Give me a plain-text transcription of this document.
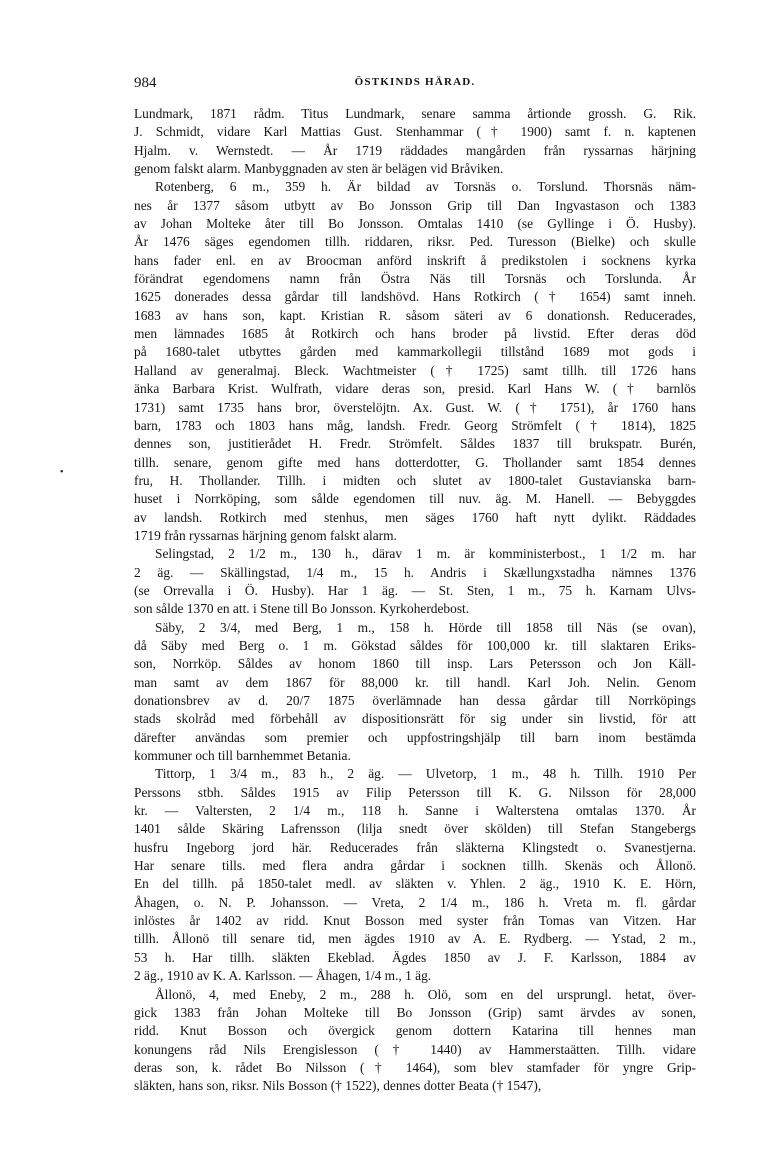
984	ÖSTKINDS HÄRAD.
•
Lundmark, 1871 rådm. Titus Lundmark, senare samma årtionde grossh. G. Rik.
J. Schmidt, vidare Karl Mattias Gust. Stenhammar († 1900) samt f. n. kaptenen
Hjalm. v. Wernstedt. — År 1719 räddades mangården från ryssarnas härjning
genom falskt alarm. Manbyggnaden av sten är belägen vid Bråviken.
Rotenberg, 6 m., 359 h. Är bildad av Torsnäs o. Torslund. Thorsnäs näm-
nes år 1377 såsom utbytt av Bo Jonsson Grip till Dan Ingvastason och 1383
av Johan Molteke åter till Bo Jonsson. Omtalas 1410 (se Gyllinge i Ö. Husby).
År 1476 säges egendomen tillh. riddaren, riksr. Ped. Turesson (Bielke) och skulle
hans fader enl. en av Broocman anförd inskrift å predikstolen i socknens kyrka
förändrat egendomens namn från Östra Näs till Torsnäs och Torslunda. År
1625 donerades dessa gårdar till landshövd. Hans Rotkirch († 1654) samt inneh.
1683 av hans son, kapt. Kristian R. såsom säteri av 6 donationsh. Reducerades,
men lämnades 1685 åt Rotkirch och hans broder på livstid. Efter deras död
på 1680-talet utbyttes gården med kammarkollegii tillstånd 1689 mot gods i
Halland av generalmaj. Bleck. Wachtmeister († 1725) samt tillh. till 1726 hans
änka Barbara Krist. Wulfrath, vidare deras son, presid. Karl Hans W. († barnlös
1731) samt 1735 hans bror, överstelöjtn. Ax. Gust. W. († 1751), år 1760 hans
barn, 1783 och 1803 hans måg, landsh. Fredr. Georg Strömfelt († 1814), 1825
dennes son, justitierådet H. Fredr. Strömfelt. Såldes 1837 till brukspatr. Burén,
tillh. senare, genom gifte med hans dotterdotter, G. Thollander samt 1854 dennes
fru, H. Thollander. Tillh. i midten och slutet av 1800-talet Gustavianska barn-
huset i Norrköping, som sålde egendomen till nuv. äg. M. Hanell. — Bebyggdes
av landsh. Rotkirch med stenhus, men säges 1760 haft nytt dylikt. Räddades
1719 från ryssarnas härjning genom falskt alarm.
Selingstad, 2 1/2 m., 130 h., därav 1 m. är komministerbost., 1 1/2 m. har
2 äg. — Skällingstad, 1/4 m., 15 h. Andris i Skællungxstadha nämnes 1376
(se Orrevalla i Ö. Husby). Har 1 äg. — St. Sten, 1 m., 75 h. Karnam Ulvs-
son sålde 1370 en att. i Stene till Bo Jonsson. Kyrkoherdebost.
Säby, 2 3/4, med Berg, 1 m., 158 h. Hörde till 1858 till Näs (se ovan),
då Säby med Berg o. 1 m. Gökstad såldes för 100,000 kr. till slaktaren Eriks-
son, Norrköp. Såldes av honom 1860 till insp. Lars Petersson och Jon Käll-
man samt av dem 1867 för 88,000 kr. till handl. Karl Joh. Nelin. Genom
donationsbrev av d. 20/7 1875 överlämnade han dessa gårdar till Norrköpings
stads skolråd med förbehåll av dispositionsrätt för sig under sin livstid, för att
därefter användas som premier och uppfostringshjälp till barn inom bestämda
kommuner och till barnhemmet Betania.
Tittorp, 1 3/4 m., 83 h., 2 äg. — Ulvetorp, 1 m., 48 h. Tillh. 1910 Per
Perssons stbh. Såldes 1915 av Filip Petersson till K. G. Nilsson för 28,000
kr. — Valtersten, 2 1/4 m., 118 h. Sanne i Walterstena omtalas 1370. År
1401 sålde Skäring Lafrensson (lilja snedt över skölden) till Stefan Stangebergs
husfru Ingeborg jord här. Reducerades från släkterna Klingstedt o. Svanestjerna.
Har senare tills. med flera andra gårdar i socknen tillh. Skenäs och Ållonö.
En del tillh. på 1850-talet medl. av släkten v. Yhlen. 2 äg., 1910 K. E. Hörn,
Åhagen, o. N. P. Johansson. — Vreta, 2 1/4 m., 186 h. Vreta m. fl. gårdar
inlöstes år 1402 av ridd. Knut Bosson med syster från Tomas van Vitzen. Har
tillh. Ållonö till senare tid, men ägdes 1910 av A. E. Rydberg. — Ystad, 2 m.,
53 h. Har tillh. släkten Ekeblad. Ägdes 1850 av J. F. Karlsson, 1884 av
2 äg., 1910 av K. A. Karlsson. — Åhagen, 1/4 m., 1 äg.
Ållonö, 4, med Eneby, 2 m., 288 h. Olö, som en del ursprungl. hetat, över-
gick 1383 från Johan Molteke till Bo Jonsson (Grip) samt ärvdes av sonen,
ridd. Knut Bosson och övergick genom dottern Katarina till hennes man
konungens råd Nils Erengislesson († 1440) av Hammerstaätten. Tillh. vidare
deras son, k. rådet Bo Nilsson († 1464), som blev stamfader för yngre Grip-
släkten, hans son, riksr. Nils Bosson († 1522), dennes dotter Beata († 1547),
